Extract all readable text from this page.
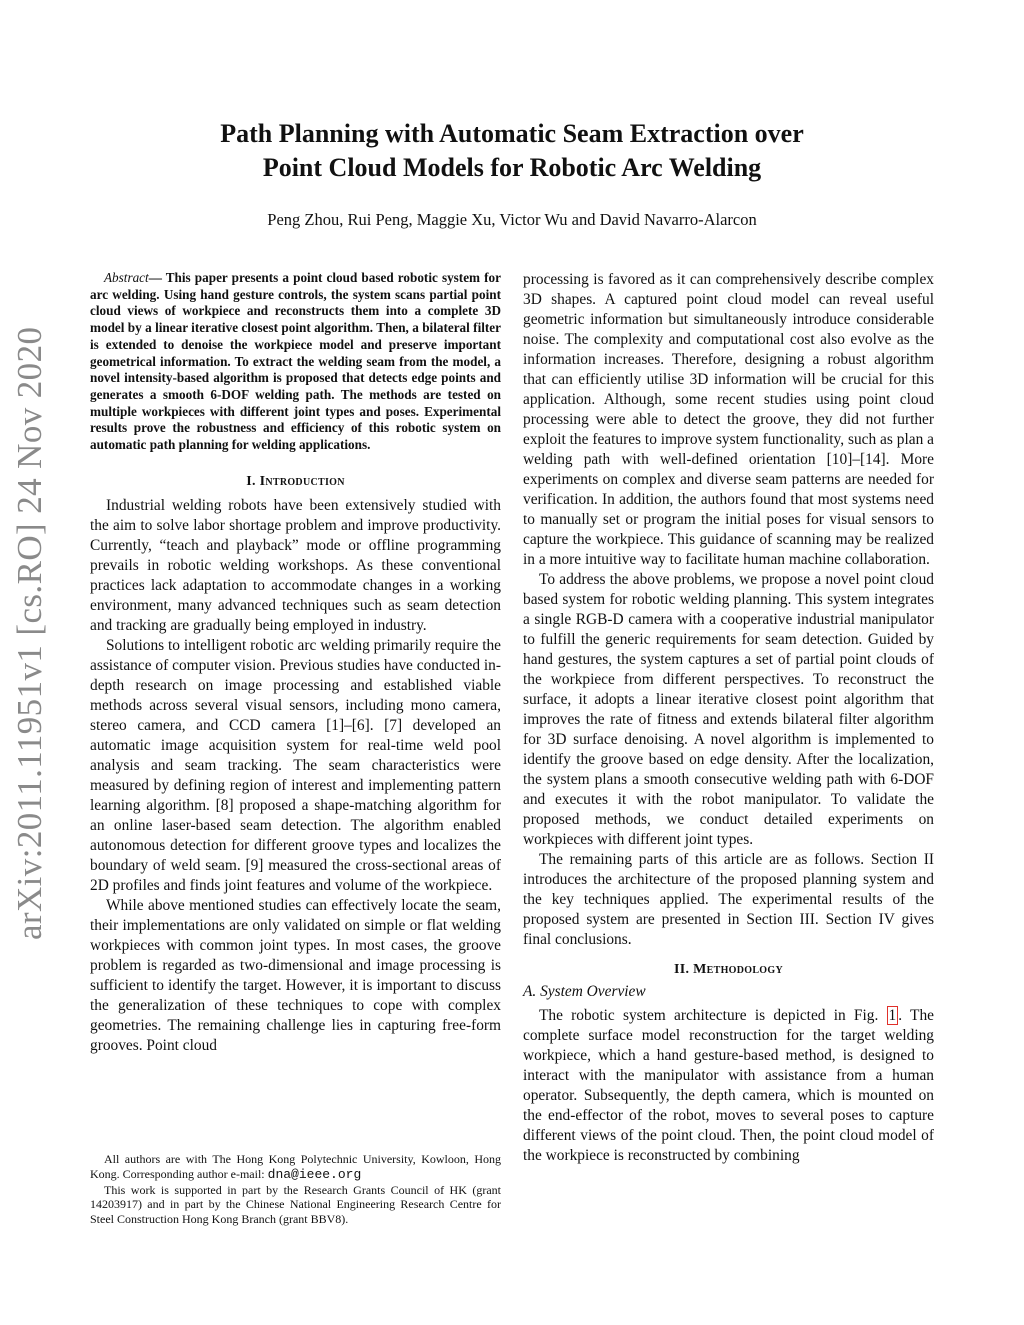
arXiv:2011.11951v1 [cs.RO] 24 Nov 2020
Path Planning with Automatic Seam Extraction over
Point Cloud Models for Robotic Arc Welding

Peng Zhou, Rui Peng, Maggie Xu, Victor Wu and David Navarro-Alarcon

Abstract— This paper presents a point cloud based robotic system for arc welding. Using hand gesture controls, the system scans partial point cloud views of workpiece and reconstructs them into a complete 3D model by a linear iterative closest point algorithm. Then, a bilateral filter is extended to denoise the workpiece model and preserve important geometrical information. To extract the welding seam from the model, a novel intensity-based algorithm is proposed that detects edge points and generates a smooth 6-DOF welding path. The methods are tested on multiple workpieces with different joint types and poses. Experimental results prove the robustness and efficiency of this robotic system on automatic path planning for welding applications.

I. Introduction

Industrial welding robots have been extensively studied with the aim to solve labor shortage problem and improve productivity. Currently, “teach and playback” mode or offline programming prevails in robotic welding workshops. As these conventional practices lack adaptation to accommodate changes in a working environment, many advanced techniques such as seam detection and tracking are gradually being employed in industry.

Solutions to intelligent robotic arc welding primarily require the assistance of computer vision. Previous studies have conducted in-depth research on image processing and established viable methods across several visual sensors, including mono camera, stereo camera, and CCD camera [1]–[6]. [7] developed an automatic image acquisition system for real-time weld pool analysis and seam tracking. The seam characteristics were measured by defining region of interest and implementing pattern learning algorithm. [8] proposed a shape-matching algorithm for an online laser-based seam detection. The algorithm enabled autonomous detection for different groove types and localizes the boundary of weld seam. [9] measured the cross-sectional areas of 2D profiles and finds joint features and volume of the workpiece.

While above mentioned studies can effectively locate the seam, their implementations are only validated on simple or flat welding workpieces with common joint types. In most cases, the groove problem is regarded as two-dimensional and image processing is sufficient to identify the target. However, it is important to discuss the generalization of these techniques to cope with complex geometries. The remaining challenge lies in capturing free-form grooves. Point cloud

processing is favored as it can comprehensively describe complex 3D shapes. A captured point cloud model can reveal useful geometric information but simultaneously introduce considerable noise. The complexity and computational cost also evolve as the information increases. Therefore, designing a robust algorithm that can efficiently utilise 3D information will be crucial for this application. Although, some recent studies using point cloud processing were able to detect the groove, they did not further exploit the features to improve system functionality, such as plan a welding path with well-defined orientation [10]–[14]. More experiments on complex and diverse seam patterns are needed for verification. In addition, the authors found that most systems need to manually set or program the initial poses for visual sensors to capture the workpiece. This guidance of scanning may be realized in a more intuitive way to facilitate human machine collaboration.

To address the above problems, we propose a novel point cloud based system for robotic welding planning. This system integrates a single RGB-D camera with a cooperative industrial manipulator to fulfill the generic requirements for seam detection. Guided by hand gestures, the system captures a set of partial point clouds of the workpiece from different perspectives. To reconstruct the surface, it adopts a linear iterative closest point algorithm that improves the rate of fitness and extends bilateral filter algorithm for 3D surface denoising. A novel algorithm is implemented to identify the groove based on edge density. After the localization, the system plans a smooth consecutive welding path with 6-DOF and executes it with the robot manipulator. To validate the proposed methods, we conduct detailed experiments on workpieces with different joint types.

The remaining parts of this article are as follows. Section II introduces the architecture of the proposed planning system and the key techniques applied. The experimental results of the proposed system are presented in Section III. Section IV gives final conclusions.

II. Methodology

A. System Overview

The robotic system architecture is depicted in Fig. 1 . The complete surface model reconstruction for the target welding workpiece, which a hand gesture-based method, is designed to interact with the manipulator with assistance from a human operator. Subsequently, the depth camera, which is mounted on the end-effector of the robot, moves to several poses to capture different views of the point cloud. Then, the point cloud model of the workpiece is reconstructed by combining

All authors are with The Hong Kong Polytechnic University, Kowloon, Hong Kong. Corresponding author e-mail: dna@ieee.org

This work is supported in part by the Research Grants Council of HK (grant 14203917) and in part by the Chinese National Engineering Research Centre for Steel Construction Hong Kong Branch (grant BBV8).
